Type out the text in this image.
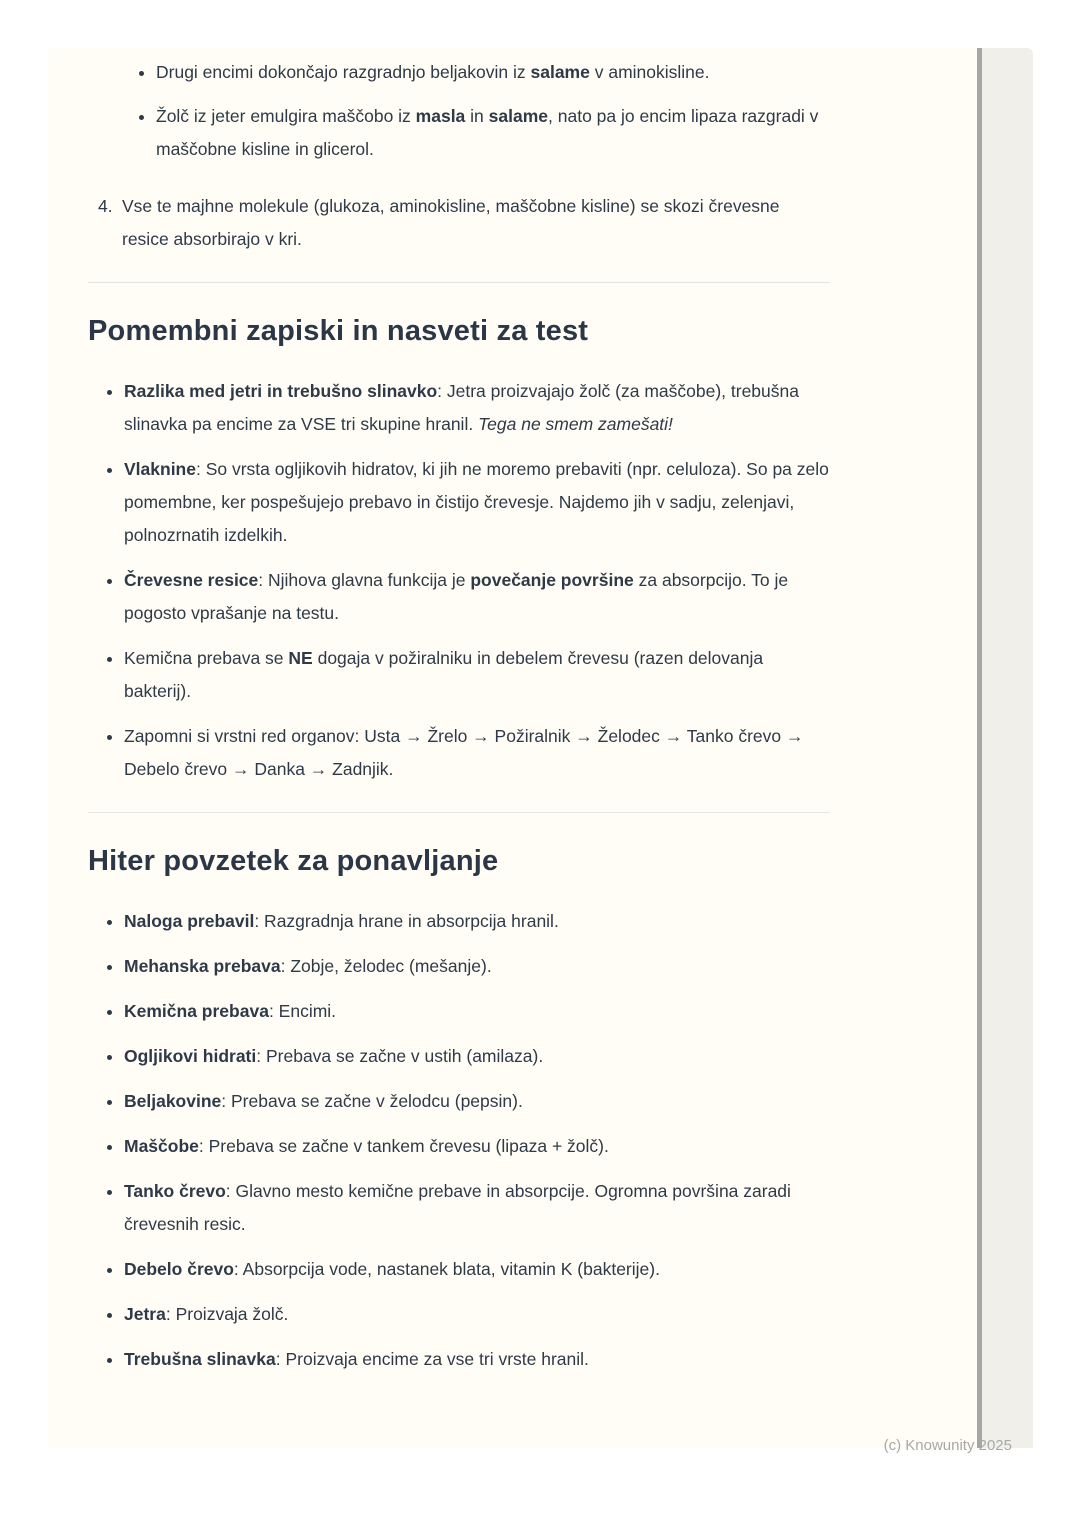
• Drugi encimi dokončajo razgradnjo beljakovin iz salame v aminokisline.
• Žolč iz jeter emulgira maščobo iz masla in salame, nato pa jo encim lipaza razgradi v maščobne kisline in glicerol.
4. Vse te majhne molekule (glukoza, aminokisline, maščobne kisline) se skozi črevesne resice absorbirajo v kri.
Pomembni zapiski in nasveti za test
• Razlika med jetri in trebušno slinavko: Jetra proizvajajo žolč (za maščobe), trebušna slinavka pa encime za VSE tri skupine hranil. Tega ne smem zamešati!
• Vlaknine: So vrsta ogljikovih hidratov, ki jih ne moremo prebaviti (npr. celuloza). So pa zelo pomembne, ker pospešujejo prebavo in čistijo črevesje. Najdemo jih v sadju, zelenjavi, polnozrnatih izdelkih.
• Črevesne resice: Njihova glavna funkcija je povečanje površine za absorpcijo. To je pogosto vprašanje na testu.
• Kemična prebava se NE dogaja v požiralniku in debelem črevesu (razen delovanja bakterij).
• Zapomni si vrstni red organov: Usta → Žrelo → Požiralnik → Želodec → Tanko črevo → Debelo črevo → Danka → Zadnjik.
Hiter povzetek za ponavljanje
• Naloga prebavil: Razgradnja hrane in absorpcija hranil.
• Mehanska prebava: Zobje, želodec (mešanje).
• Kemična prebava: Encimi.
• Ogljikovi hidrati: Prebava se začne v ustih (amilaza).
• Beljakovine: Prebava se začne v želodcu (pepsin).
• Maščobe: Prebava se začne v tankem črevesu (lipaza + žolč).
• Tanko črevo: Glavno mesto kemične prebave in absorpcije. Ogromna površina zaradi črevesnih resic.
• Debelo črevo: Absorpcija vode, nastanek blata, vitamin K (bakterije).
• Jetra: Proizvaja žolč.
• Trebušna slinavka: Proizvaja encime za vse tri vrste hranil.
(c) Knowunity 2025
